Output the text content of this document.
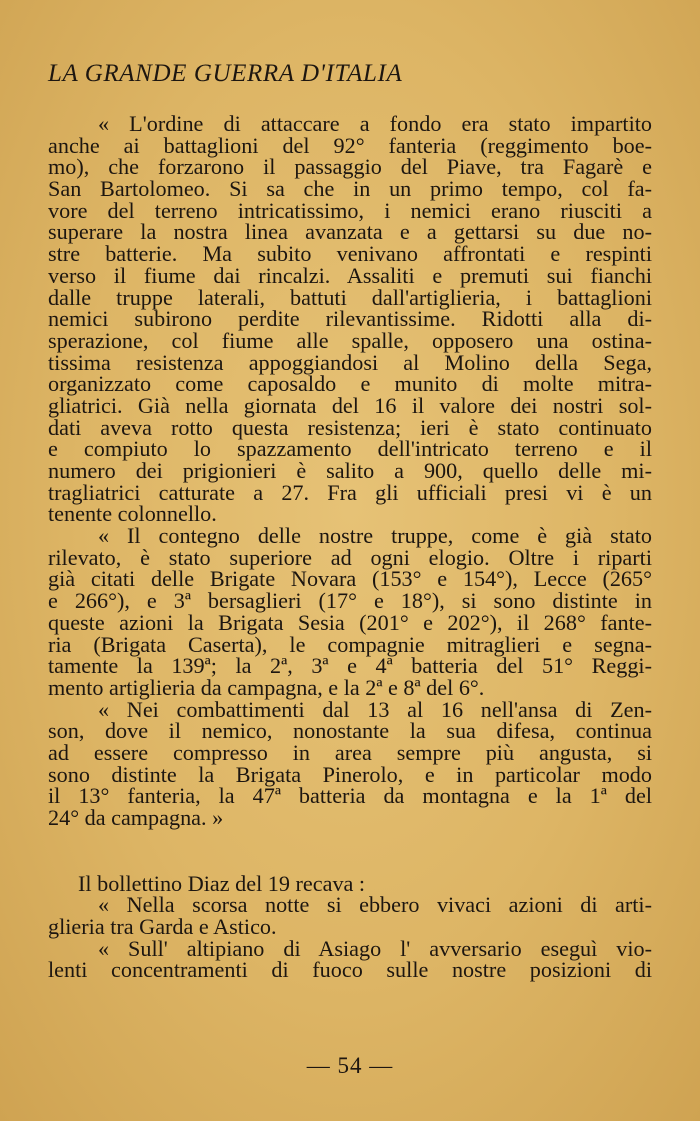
LA GRANDE GUERRA D'ITALIA
« L'ordine di attaccare a fondo era stato impartito
anche ai battaglioni del 92° fanteria (reggimento boe-
mo), che forzarono il passaggio del Piave, tra Fagarè e
San Bartolomeo. Si sa che in un primo tempo, col fa-
vore del terreno intricatissimo, i nemici erano riusciti a
superare la nostra linea avanzata e a gettarsi su due no-
stre batterie. Ma subito venivano affrontati e respinti
verso il fiume dai rincalzi. Assaliti e premuti sui fianchi
dalle truppe laterali, battuti dall'artiglieria, i battaglioni
nemici subirono perdite rilevantissime. Ridotti alla di-
sperazione, col fiume alle spalle, opposero una ostina-
tissima resistenza appoggiandosi al Molino della Sega,
organizzato come caposaldo e munito di molte mitra-
gliatrici. Già nella giornata del 16 il valore dei nostri sol-
dati aveva rotto questa resistenza; ieri è stato continuato
e compiuto lo spazzamento dell'intricato terreno e il
numero dei prigionieri è salito a 900, quello delle mi-
tragliatrici catturate a 27. Fra gli ufficiali presi vi è un
tenente colonnello.
« Il contegno delle nostre truppe, come è già stato
rilevato, è stato superiore ad ogni elogio. Oltre i riparti
già citati delle Brigate Novara (153° e 154°), Lecce (265°
e 266°), e 3ª bersaglieri (17° e 18°), si sono distinte in
queste azioni la Brigata Sesia (201° e 202°), il 268° fante-
ria (Brigata Caserta), le compagnie mitraglieri e segna-
tamente la 139ª; la 2ª, 3ª e 4ª batteria del 51° Reggi-
mento artiglieria da campagna, e la 2ª e 8ª del 6°.
« Nei combattimenti dal 13 al 16 nell'ansa di Zen-
son, dove il nemico, nonostante la sua difesa, continua
ad essere compresso in area sempre più angusta, si
sono distinte la Brigata Pinerolo, e in particolar modo
il 13° fanteria, la 47ª batteria da montagna e la 1ª del
24° da campagna. »
Il bollettino Diaz del 19 recava :
« Nella scorsa notte si ebbero vivaci azioni di arti-
glieria tra Garda e Astico.
« Sull' altipiano di Asiago l' avversario eseguì vio-
lenti concentramenti di fuoco sulle nostre posizioni di
— 54 —
